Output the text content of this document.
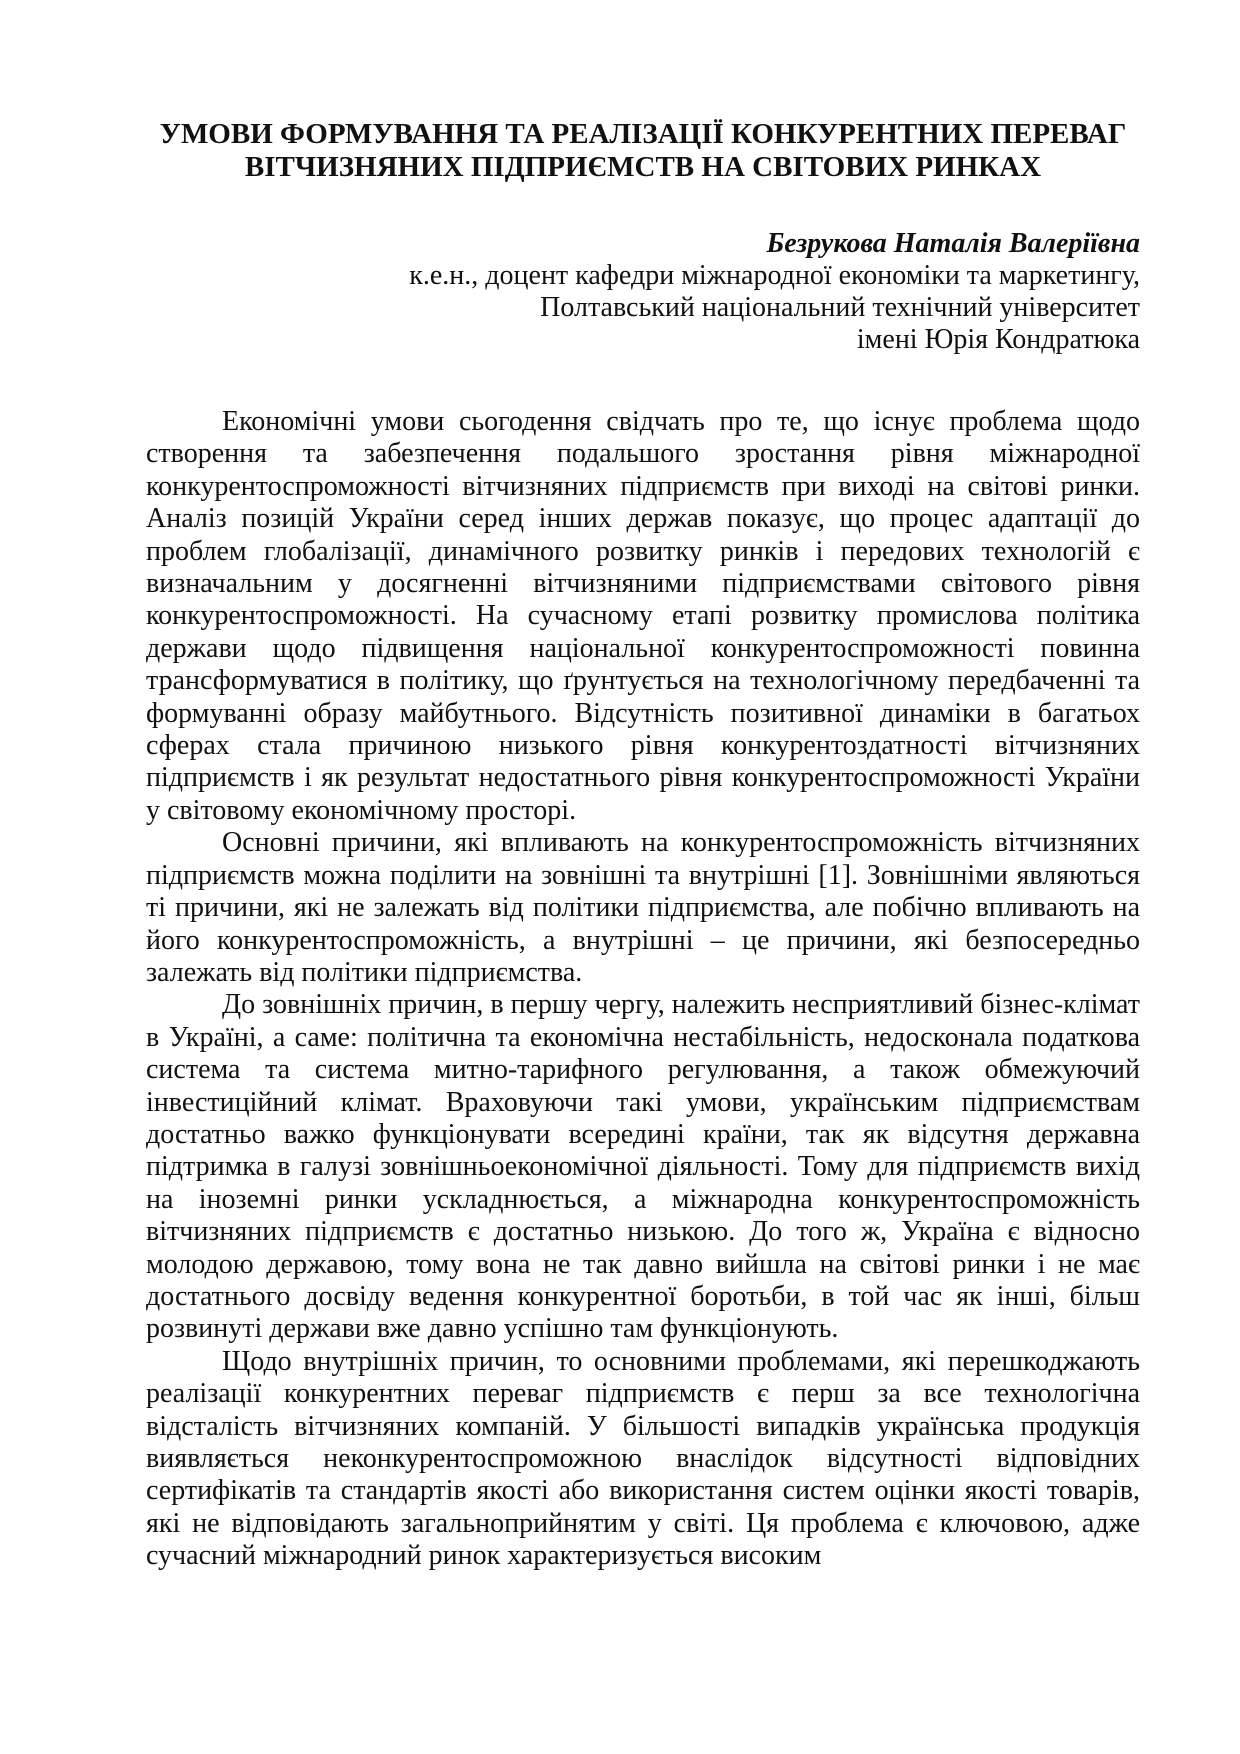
УМОВИ ФОРМУВАННЯ ТА РЕАЛІЗАЦІЇ КОНКУРЕНТНИХ ПЕРЕВАГ
ВІТЧИЗНЯНИХ ПІДПРИЄМСТВ НА СВІТОВИХ РИНКАХ
Безрукова Наталія Валеріївна
к.е.н., доцент кафедри міжнародної економіки та маркетингу,
Полтавський національний технічний університет
імені Юрія Кондратюка

Економічні умови сьогодення свідчать про те, що існує проблема щодо створення та забезпечення подальшого зростання рівня міжнародної конкурентоспроможності вітчизняних підприємств при виході на світові ринки. Аналіз позицій України серед інших держав показує, що процес адаптації до проблем глобалізації, динамічного розвитку ринків і передових технологій є визначальним у досягненні вітчизняними підприємствами світового рівня конкурентоспроможності. На сучасному етапі розвитку промислова політика держави щодо підвищення національної конкурентоспроможності повинна трансформуватися в політику, що ґрунтується на технологічному передбаченні та формуванні образу майбутнього. Відсутність позитивної динаміки в багатьох сферах стала причиною низького рівня конкурентоздатності вітчизняних підприємств і як результат недостатнього рівня конкурентоспроможності України у світовому економічному просторі.

Основні причини, які впливають на конкурентоспроможність вітчизняних підприємств можна поділити на зовнішні та внутрішні [1]. Зовнішніми являються ті причини, які не залежать від політики підприємства, але побічно впливають на його конкурентоспроможність, а внутрішні – це причини, які безпосередньо залежать від політики підприємства.

До зовнішніх причин, в першу чергу, належить несприятливий бізнес-клімат в Україні, а саме: політична та економічна нестабільність, недосконала податкова система та система митно-тарифного регулювання, а також обмежуючий інвестиційний клімат. Враховуючи такі умови, українським підприємствам достатньо важко функціонувати всередині країни, так як відсутня державна підтримка в галузі зовнішньоекономічної діяльності. Тому для підприємств вихід на іноземні ринки ускладнюється, а міжнародна конкурентоспроможність вітчизняних підприємств є достатньо низькою. До того ж, Україна є відносно молодою державою, тому вона не так давно вийшла на світові ринки і не має достатнього досвіду ведення конкурентної боротьби, в той час як інші, більш розвинуті держави вже давно успішно там функціонують.

Щодо внутрішніх причин, то основними проблемами, які перешкоджають реалізації конкурентних переваг підприємств є перш за все технологічна відсталість вітчизняних компаній. У більшості випадків українська продукція виявляється неконкурентоспроможною внаслідок відсутності відповідних сертифікатів та стандартів якості або використання систем оцінки якості товарів, які не відповідають загальноприйнятим у світі. Ця проблема є ключовою, адже сучасний міжнародний ринок характеризується високим
